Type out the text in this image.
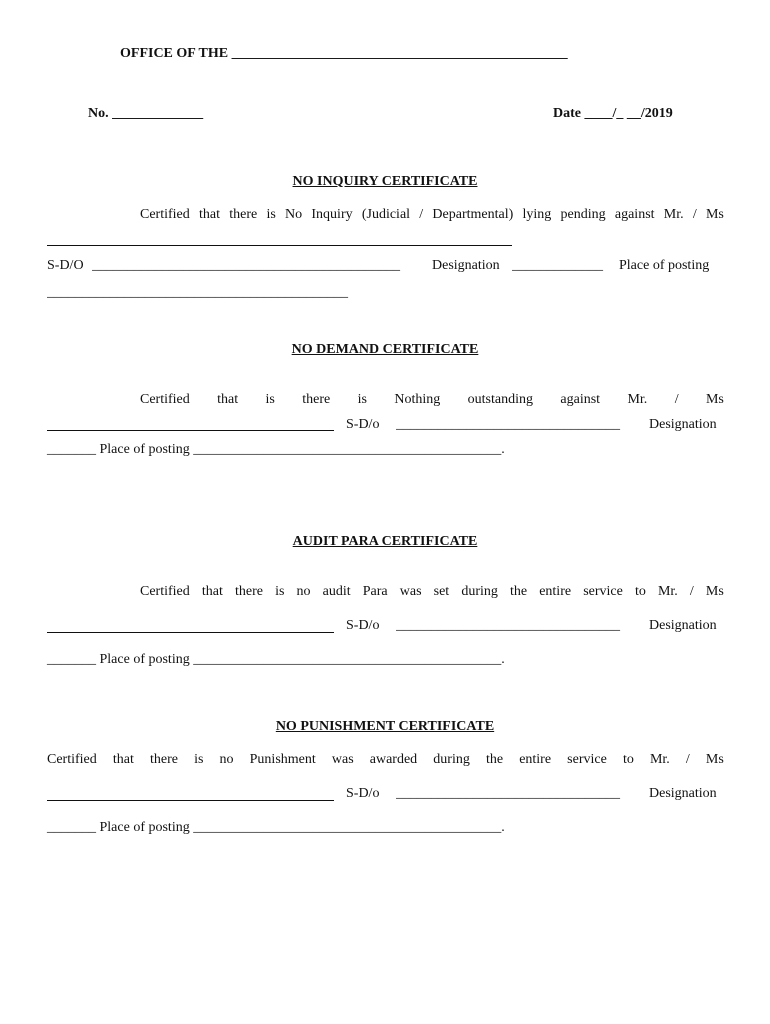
OFFICE OF THE ________________________________________________
No. _____________	Date ____/_ __/2019
NO INQUIRY CERTIFICATE
Certified that there is No Inquiry (Judicial / Departmental) lying pending against Mr. / Ms
S-D/O ____________________________________________	Designation _____________	Place of posting
___________________________________________
NO DEMAND CERTIFICATE
Certified that is there is Nothing outstanding against Mr. / Ms
S-D/o ________________________________	Designation
_______ Place of posting ____________________________________________.
AUDIT PARA CERTIFICATE
Certified that there is no audit Para was set during the entire service to Mr. / Ms
S-D/o ________________________________	Designation
_______ Place of posting ____________________________________________.
NO PUNISHMENT CERTIFICATE
Certified that there is no Punishment was awarded during the entire service to Mr. / Ms
S-D/o ________________________________	Designation
_______ Place of posting ____________________________________________.
